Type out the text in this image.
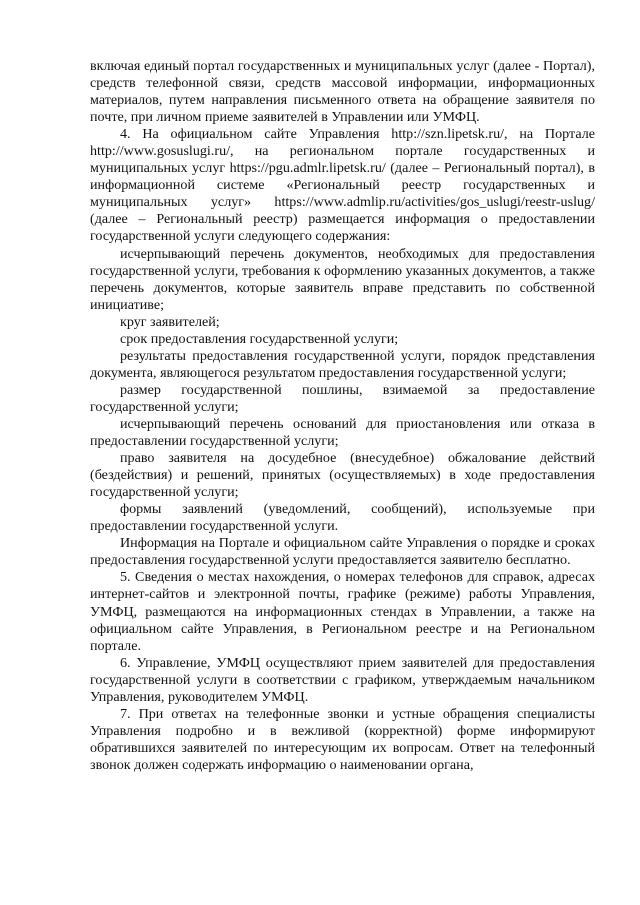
включая единый портал государственных и муниципальных услуг (далее - Портал), средств телефонной связи, средств массовой информации, информационных материалов, путем направления письменного ответа на обращение заявителя по почте, при личном приеме заявителей в Управлении или УМФЦ.

4. На официальном сайте Управления http://szn.lipetsk.ru/, на Портале http://www.gosuslugi.ru/, на региональном портале государственных и муниципальных услуг https://pgu.admlr.lipetsk.ru/ (далее – Региональный портал), в информационной системе «Региональный реестр государственных и муниципальных услуг» https://www.admlip.ru/activities/gos_uslugi/reestr-uslug/ (далее – Региональный реестр) размещается информация о предоставлении государственной услуги следующего содержания:

исчерпывающий перечень документов, необходимых для предоставления государственной услуги, требования к оформлению указанных документов, а также перечень документов, которые заявитель вправе представить по собственной инициативе;

круг заявителей;

срок предоставления государственной услуги;

результаты предоставления государственной услуги, порядок представления документа, являющегося результатом предоставления государственной услуги;

размер государственной пошлины, взимаемой за предоставление государственной услуги;

исчерпывающий перечень оснований для приостановления или отказа в предоставлении государственной услуги;

право заявителя на досудебное (внесудебное) обжалование действий (бездействия) и решений, принятых (осуществляемых) в ходе предоставления государственной услуги;

формы заявлений (уведомлений, сообщений), используемые при предоставлении государственной услуги.

Информация на Портале и официальном сайте Управления о порядке и сроках предоставления государственной услуги предоставляется заявителю бесплатно.

5. Сведения о местах нахождения, о номерах телефонов для справок, адресах интернет-сайтов и электронной почты, графике (режиме) работы Управления, УМФЦ, размещаются на информационных стендах в Управлении, а также на официальном сайте Управления, в Региональном реестре и на Региональном портале.

6. Управление, УМФЦ осуществляют прием заявителей для предоставления государственной услуги в соответствии с графиком, утверждаемым начальником Управления, руководителем УМФЦ.

7. При ответах на телефонные звонки и устные обращения специалисты Управления подробно и в вежливой (корректной) форме информируют обратившихся заявителей по интересующим их вопросам. Ответ на телефонный звонок должен содержать информацию о наименовании органа,
